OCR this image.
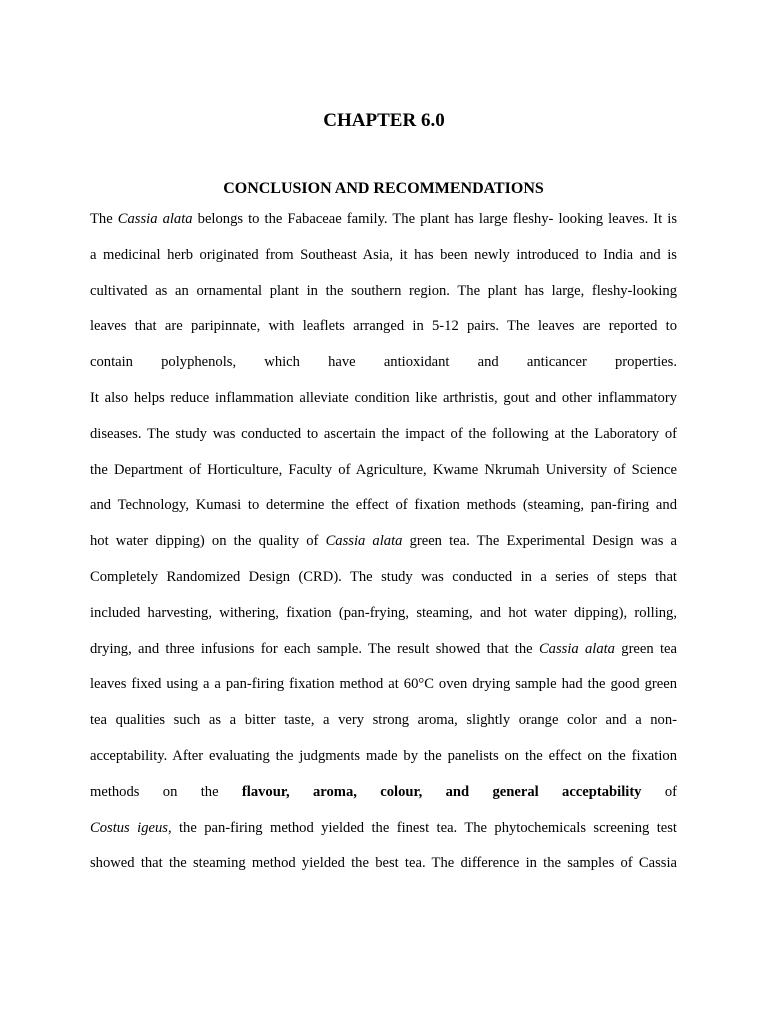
CHAPTER 6.0
CONCLUSION AND RECOMMENDATIONS
The Cassia alata belongs to the Fabaceae family. The plant has large fleshy- looking leaves. It is
a medicinal herb originated from Southeast Asia, it has been newly introduced to India and is
cultivated as an ornamental plant in the southern region. The plant has large, fleshy-looking
leaves that are paripinnate, with leaflets arranged in 5-12 pairs. The leaves are reported to
contain polyphenols, which have antioxidant and anticancer properties.
It also helps reduce inflammation alleviate condition like arthristis, gout and other inflammatory
diseases. The study was conducted to ascertain the impact of the following at the Laboratory of
the Department of Horticulture, Faculty of Agriculture, Kwame Nkrumah University of Science
and Technology, Kumasi to determine the effect of fixation methods (steaming, pan-firing and
hot water dipping) on the quality of Cassia alata green tea. The Experimental Design was a
Completely Randomized Design (CRD). The study was conducted in a series of steps that
included harvesting, withering, fixation (pan-frying, steaming, and hot water dipping), rolling,
drying, and three infusions for each sample. The result showed that the Cassia alata green tea
leaves fixed using a a pan-firing fixation method at 60°C oven drying sample had the good green
tea qualities such as a bitter taste, a very strong aroma, slightly orange color and a non-
acceptability. After evaluating the judgments made by the panelists on the effect on the fixation
methods on the flavour, aroma, colour, and general acceptability of
Costus igeus, the pan-firing method yielded the finest tea. The phytochemicals screening test
showed that the steaming method yielded the best tea. The difference in the samples of Cassia
